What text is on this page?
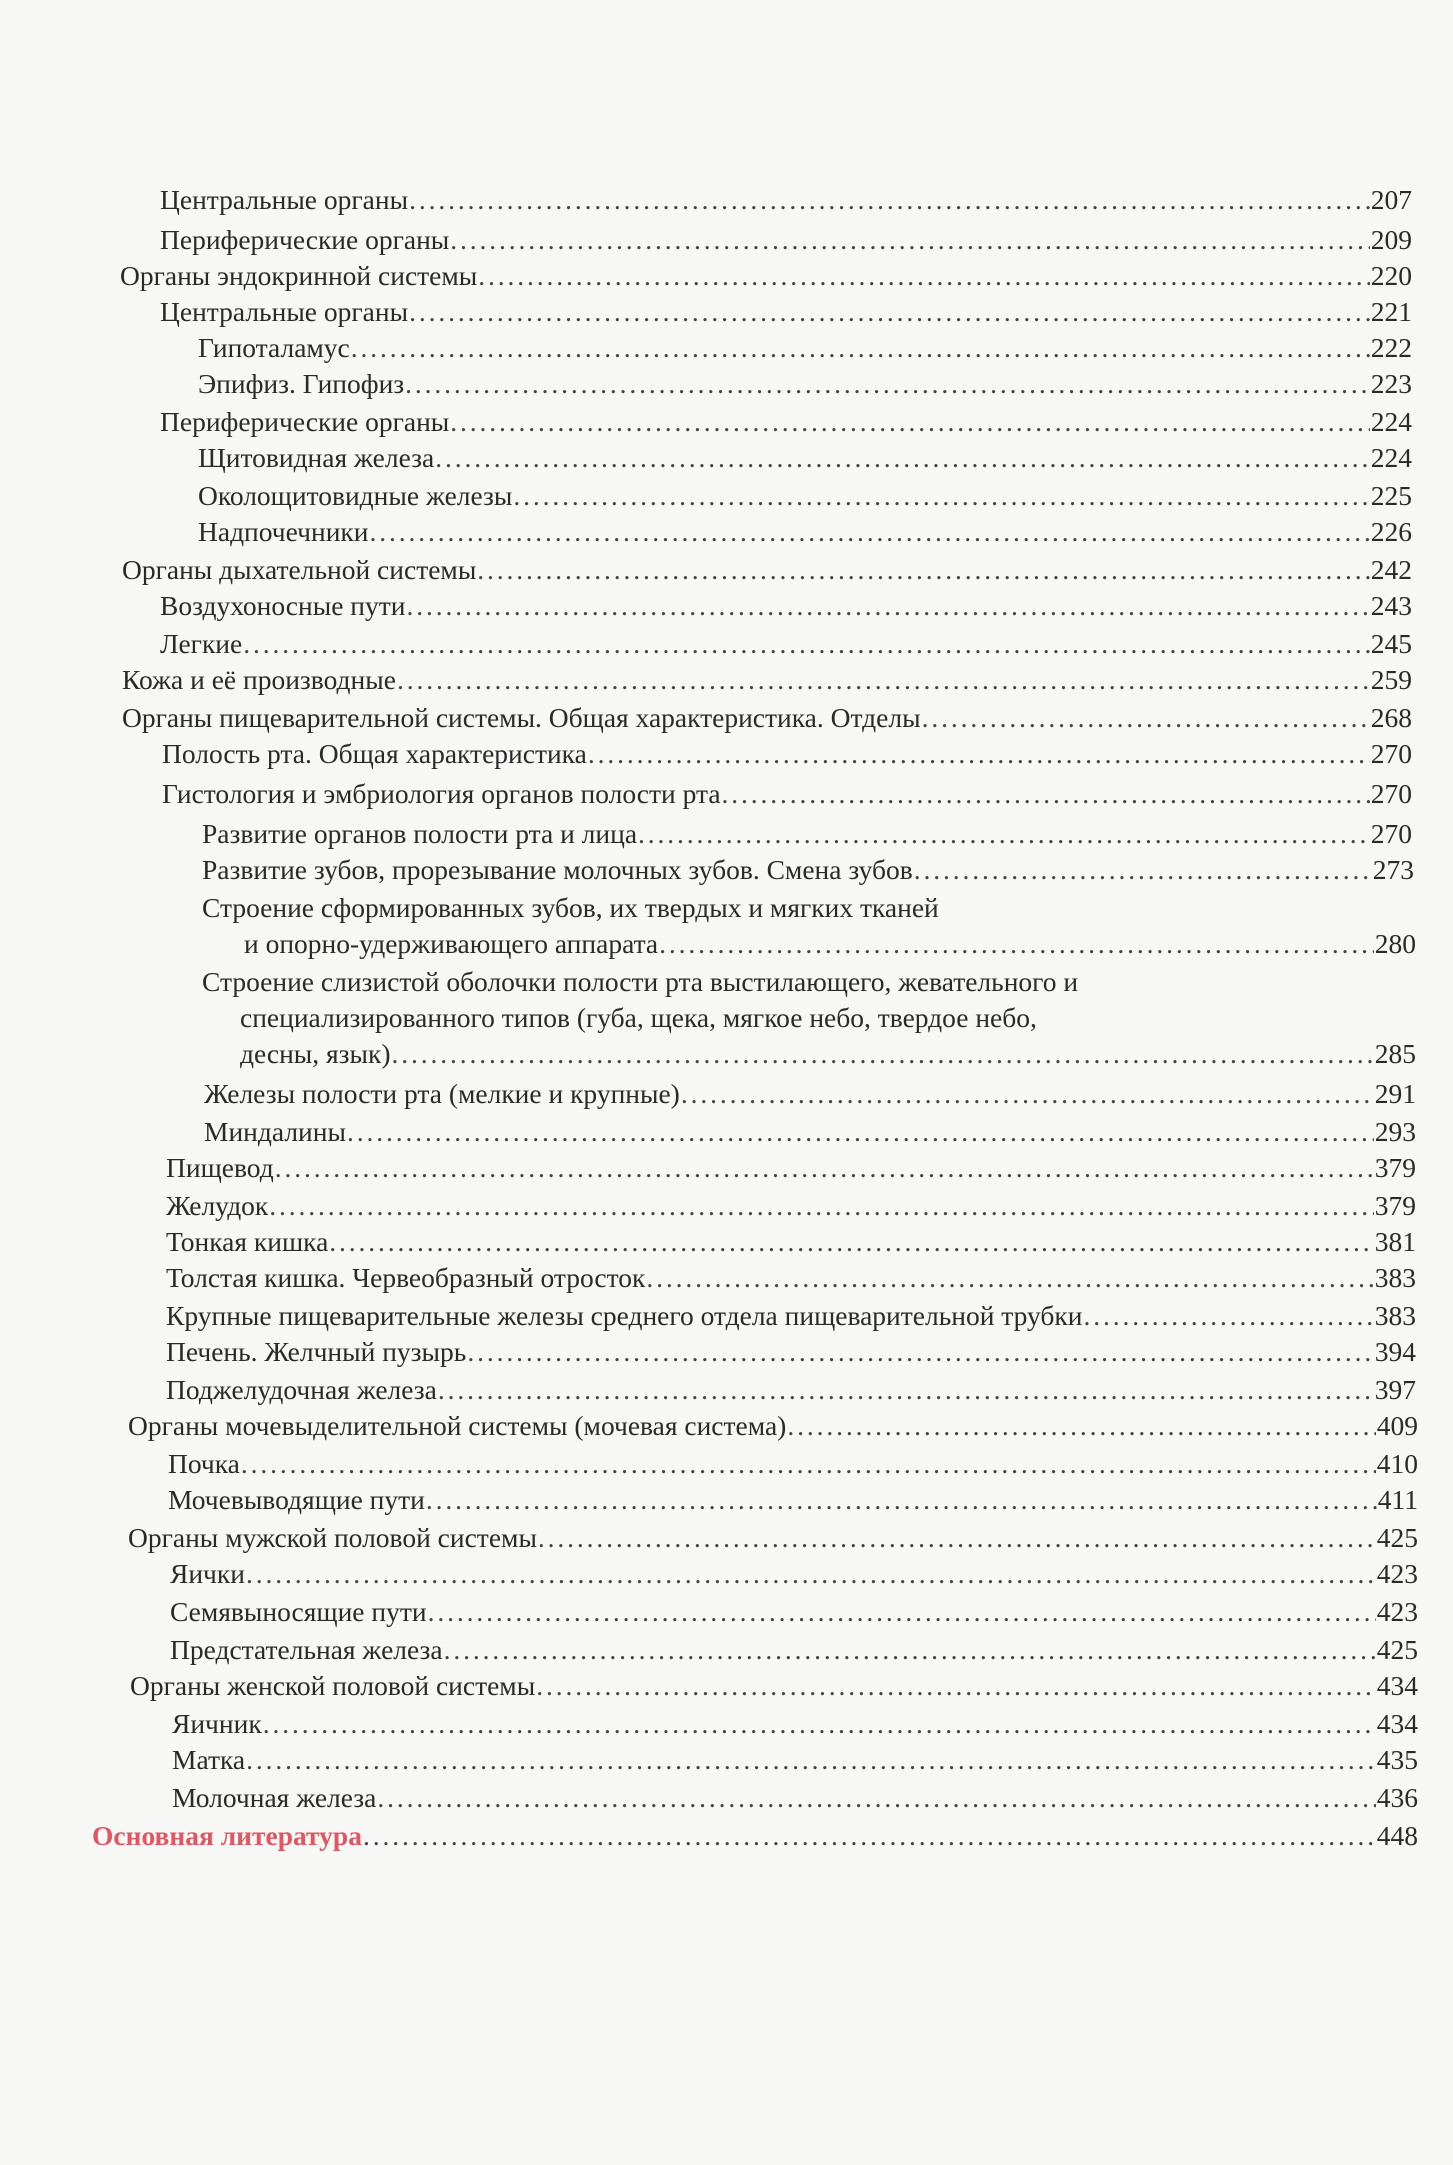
Центральные органы . . .	207
Периферические органы . . .	209
Органы эндокринной системы . . .	220
Центральные органы . . .	221
Гипоталамус . . .	222
Эпифиз. Гипофиз . . .	223
Периферические органы . . .	224
Щитовидная железа . . .	224
Околощитовидные железы . . .	225
Надпочечники . . .	226
Органы дыхательной системы . . .	242
Воздухоносные пути . . .	243
Легкие . . .	245
Кожа и её производные . . .	259
Органы пищеварительной системы. Общая характеристика. Отделы . . .	268
Полость рта. Общая характеристика . . .	270
Гистология и эмбриология органов полости рта . . .	270
Развитие органов полости рта и лица . . .	270
Развитие зубов, прорезывание молочных зубов. Смена зубов . . .	273
Строение сформированных зубов, их твердых и мягких тканей
и опорно-удерживающего аппарата . . .	280
Строение слизистой оболочки полости рта выстилающего, жевательного и
специализированного типов (губа, щека, мягкое небо, твердое небо,
десны, язык) . . .	285
Железы полости рта (мелкие и крупные) . . .	291
Миндалины . . .	293
Пищевод . . .	379
Желудок . . .	379
Тонкая кишка . . .	381
Толстая кишка. Червеобразный отросток . . .	383
Крупные пищеварительные железы среднего отдела пищеварительной трубки . . .	383
Печень. Желчный пузырь . . .	394
Поджелудочная железа . . .	397
Органы мочевыделительной системы (мочевая система) . . .	409
Почка . . .	410
Мочевыводящие пути . . .	411
Органы мужской половой системы . . .	425
Яички . . .	423
Семявыносящие пути . . .	423
Предстательная железа . . .	425
Органы женской половой системы . . .	434
Яичник . . .	434
Матка . . .	435
Молочная железа . . .	436
Основная литература . . .	448
